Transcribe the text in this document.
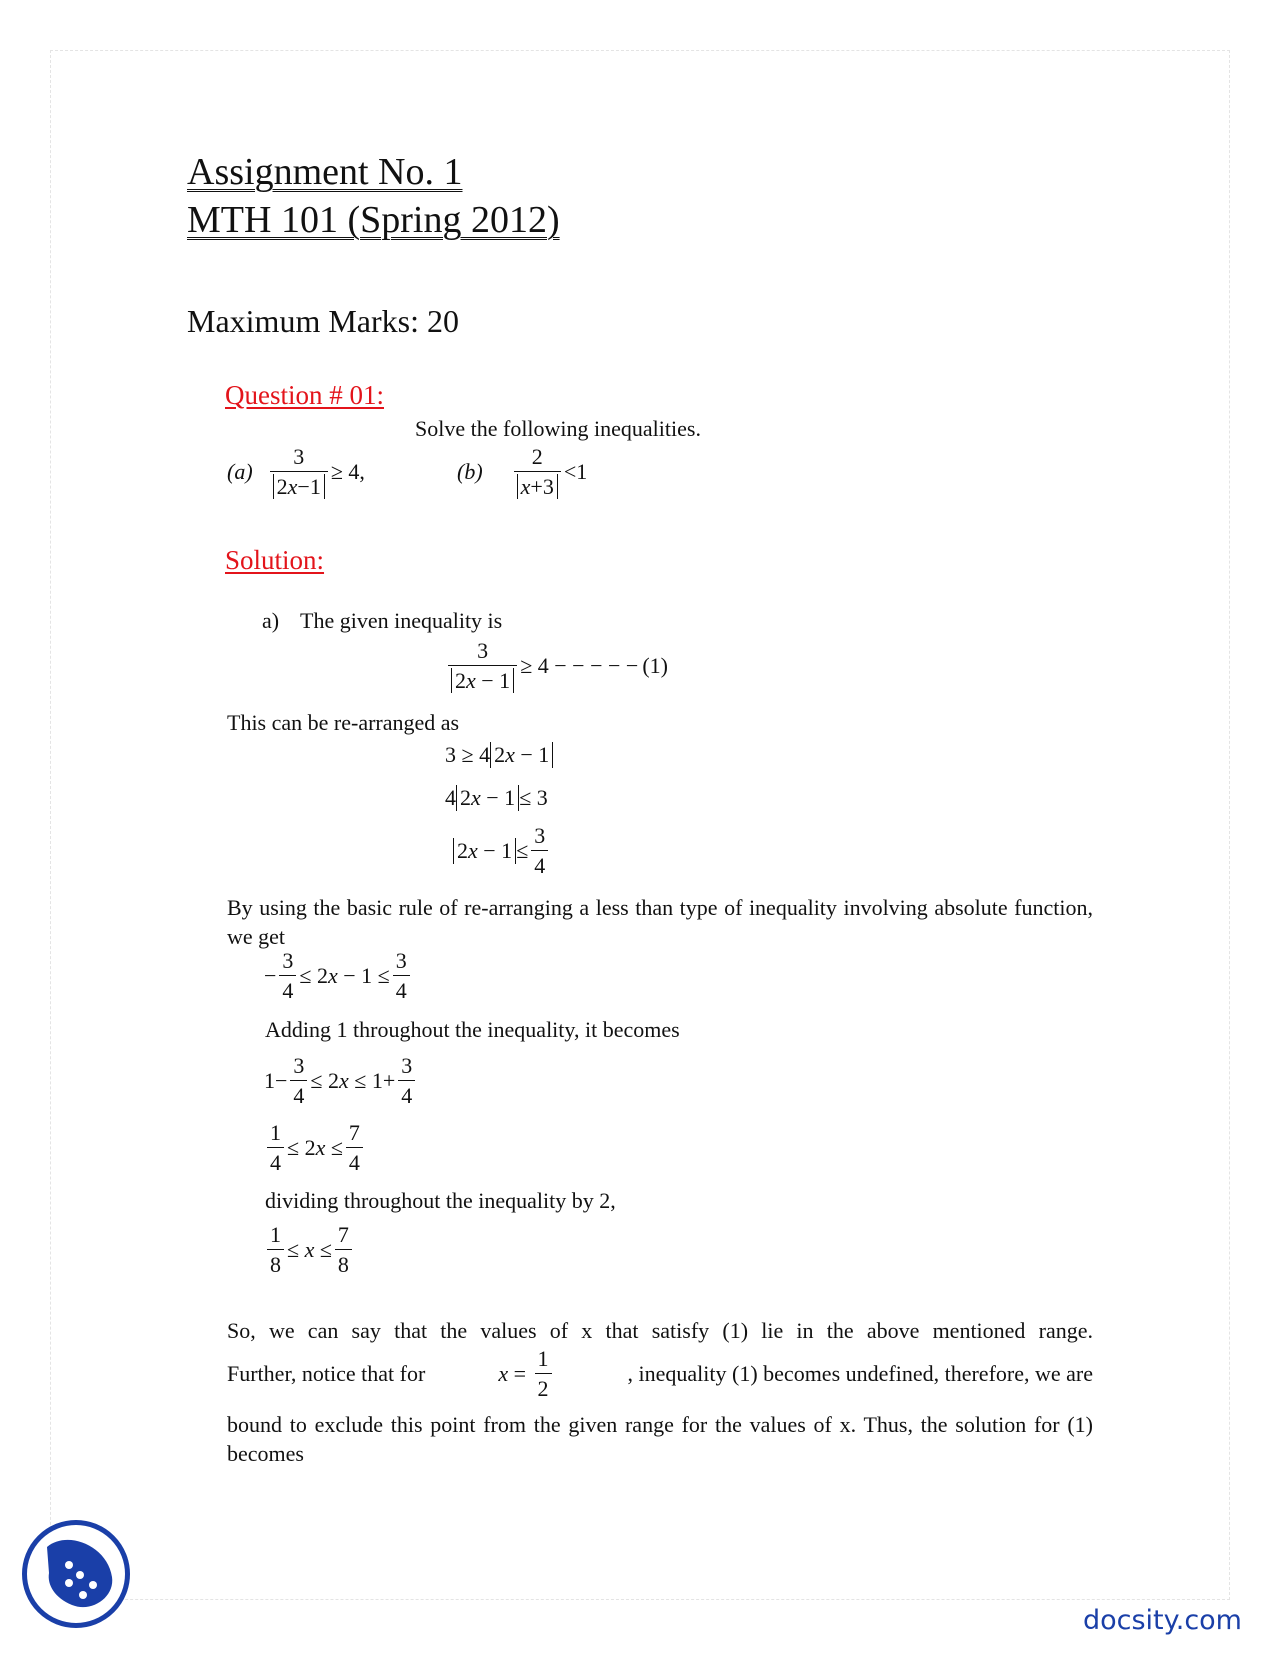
Assignment No. 1
MTH 101 (Spring 2012)
Maximum Marks: 20
Question # 01:
Solve the following inequalities.
$(a) \frac{3}{2x-1} \ge 4$,	$(b) \frac{2}{x+3} <1$
Solution:
a) The given inequality is
$\frac{3}{2x - 1} \ge 4$ − − − − − (1)
This can be re-arranged as
3 ≥ 4 2x − 1
4 2x − 1 ≤ 3
$2x - 1 \le \frac{3}{4}$
By using the basic rule of re-arranging a less than type of inequality involving absolute function, we get
− $\frac{3}{4} \le 2x - 1 \le \frac{3}{4}$
Adding 1 throughout the inequality, it becomes
$1- \frac{3}{4} \le 2x \le 1+ \frac{3}{4}$
$\frac{1}{4} \le 2x \le \frac{7}{4}$
dividing throughout the inequality by 2,
$\frac{1}{8} \le x \le \frac{7}{8}$
So, we can say that the values of x that satisfy (1) lie in the above mentioned range.
Further, notice that for	$x = \frac{1}{2}$	, inequality (1) becomes undefined, therefore, we are
bound to exclude this point from the given range for the values of x. Thus, the solution for (1) becomes
docsity.com
